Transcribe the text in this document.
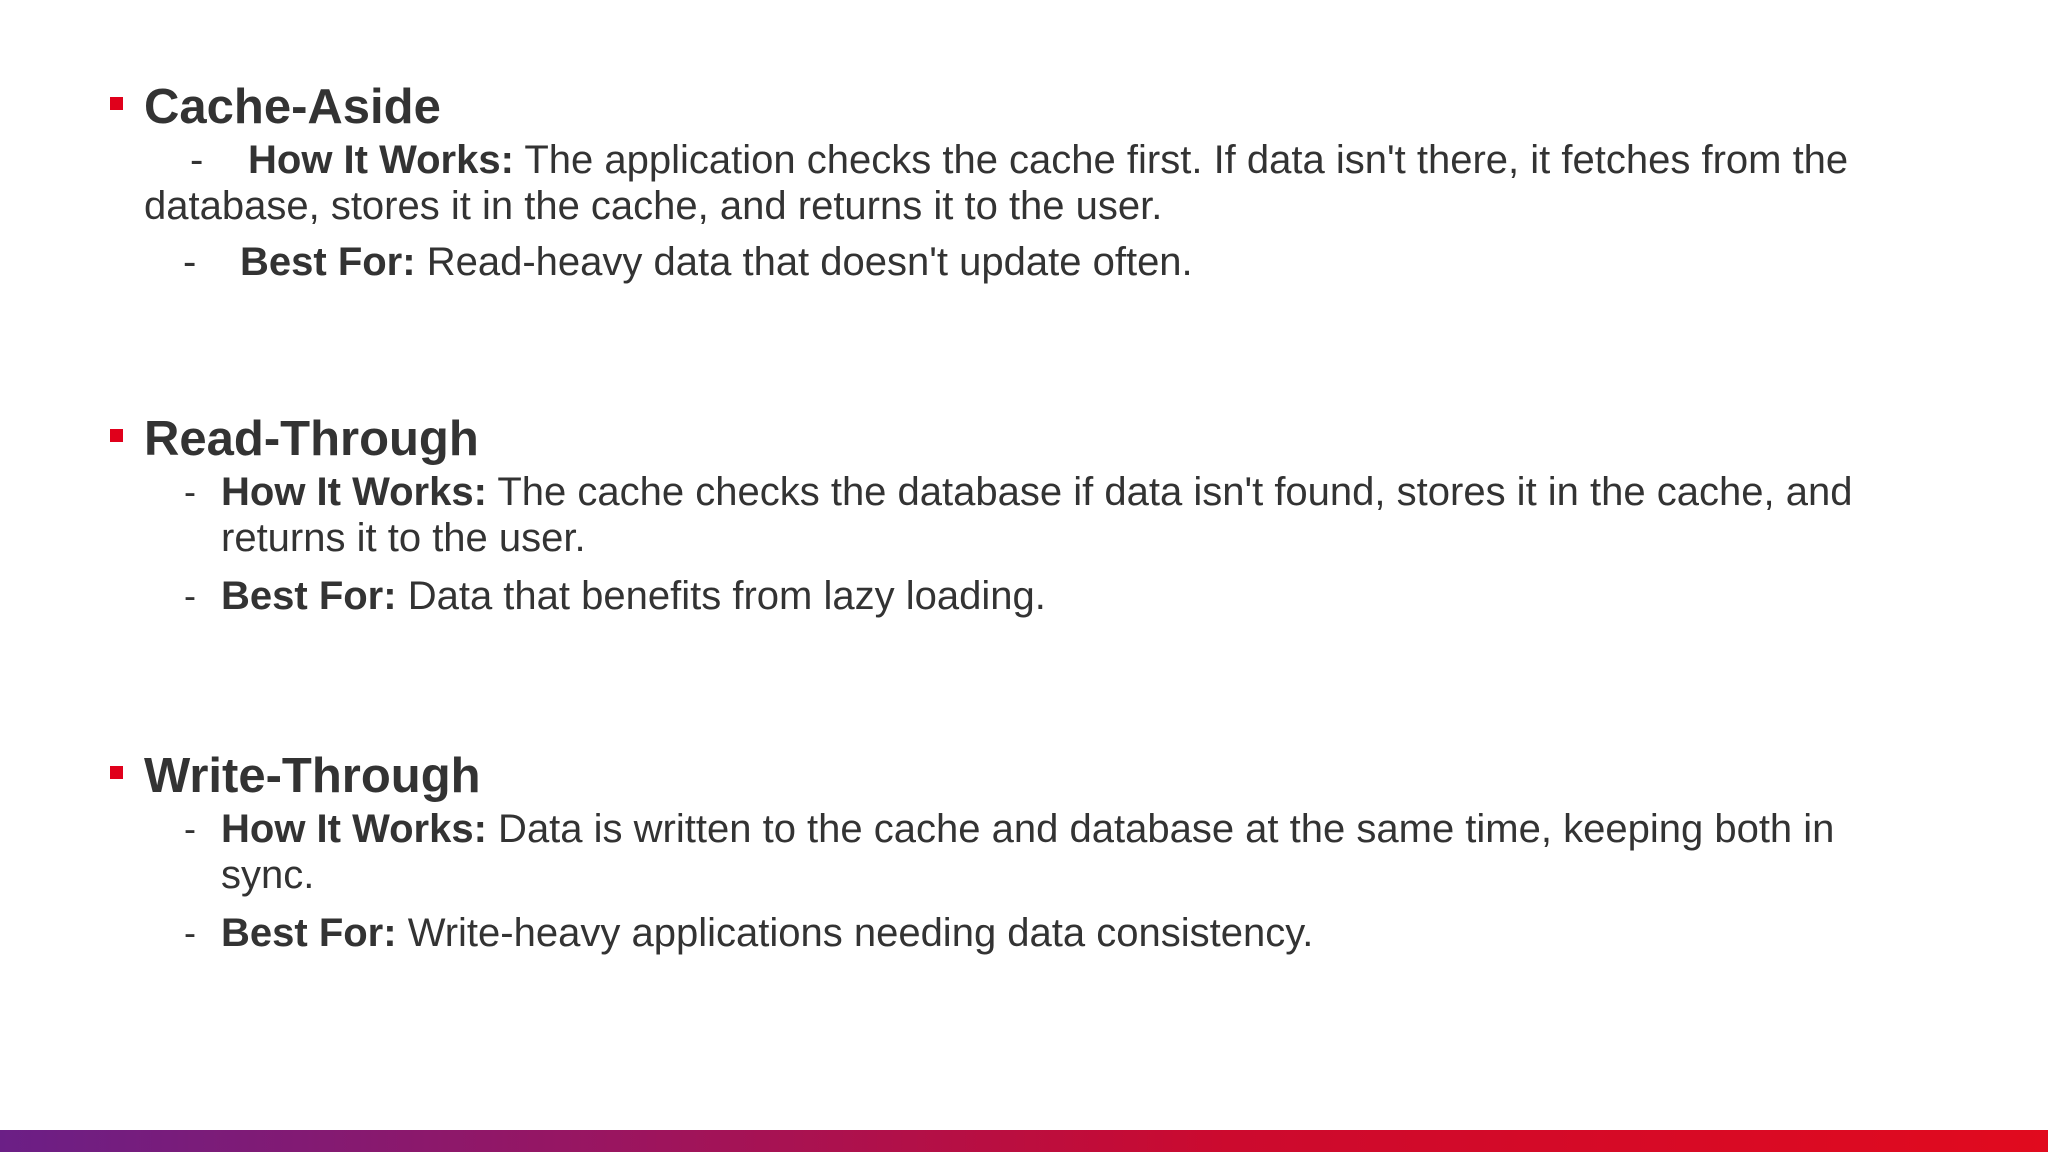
Cache-Aside
- How It Works: The application checks the cache first. If data isn't there, it fetches from the database, stores it in the cache, and returns it to the user.
- Best For: Read-heavy data that doesn't update often.
Read-Through
- How It Works: The cache checks the database if data isn't found, stores it in the cache, and returns it to the user.
- Best For: Data that benefits from lazy loading.
Write-Through
- How It Works: Data is written to the cache and database at the same time, keeping both in sync.
- Best For: Write-heavy applications needing data consistency.
